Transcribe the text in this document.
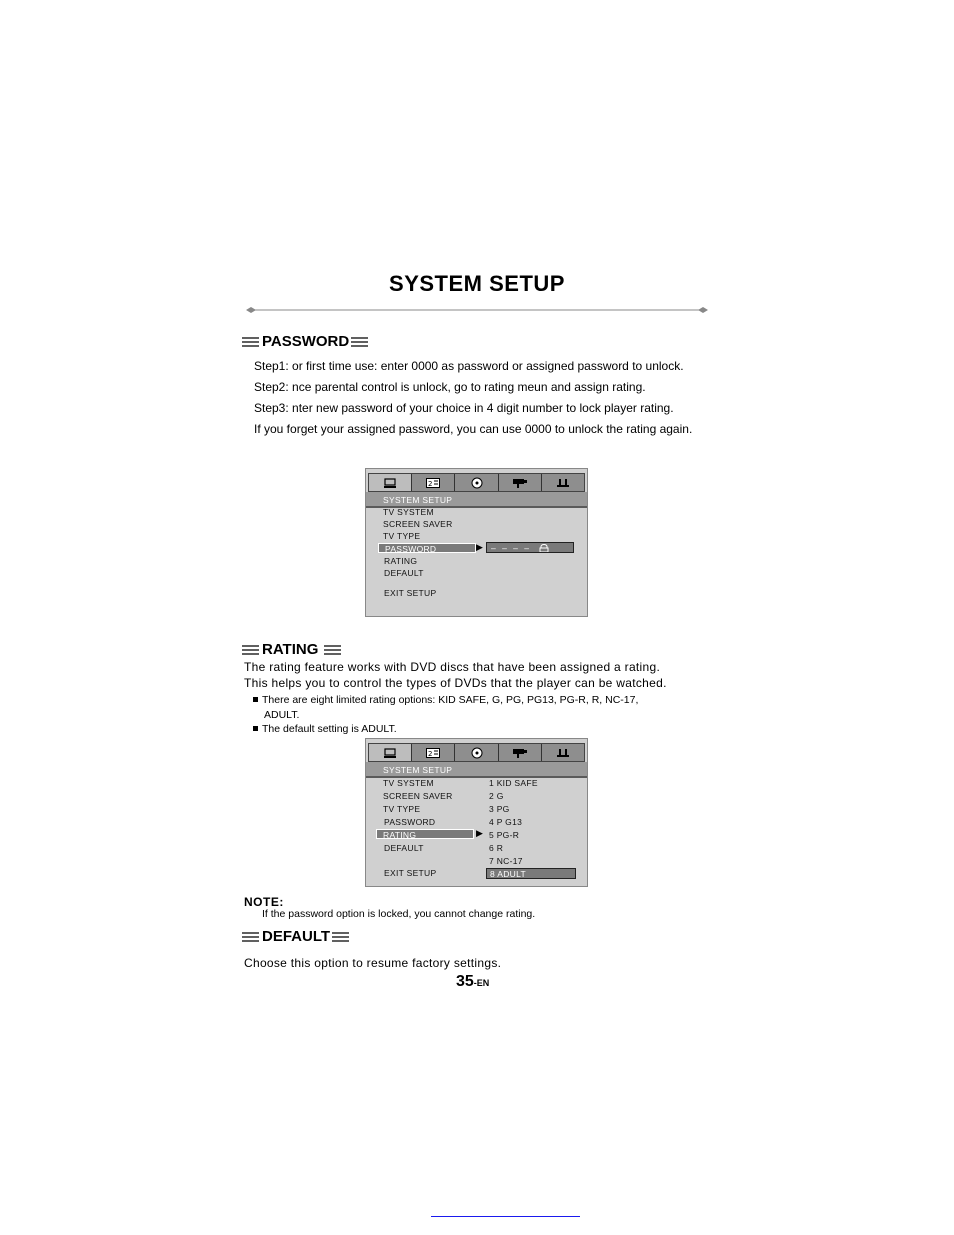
SYSTEM SETUP
PASSWORD
Step1: or first time use: enter 0000 as password or assigned password to unlock.
Step2: nce parental control is unlock, go to rating meun and assign rating.
Step3: nter new password of your choice in 4 digit number to lock player rating.
If you forget your assigned password, you can use 0000 to unlock the rating again.
2
SYSTEM SETUP
TV SYSTEM
SCREEN SAVER
TV TYPE
PASSWORD	▶ – – – –
RATING
DEFAULT
EXIT SETUP
RATING
The rating feature works with DVD discs that have been assigned a rating.
This helps you to control the types of DVDs that the player can be watched.
There are eight limited rating options: KID SAFE, G, PG, PG13, PG-R, R, NC-17,
ADULT.
The default setting is ADULT.
2
SYSTEM SETUP
TV SYSTEM
SCREEN SAVER
TV TYPE
PASSWORD
RATING	▶
DEFAULT
EXIT SETUP
1 KID SAFE
2 G
3 PG
4 P G13
5 PG-R
6 R
7 NC-17
8 ADULT
NOTE:
If the password option is locked, you cannot change rating.
DEFAULT
Choose this option to resume factory settings.
35-EN
